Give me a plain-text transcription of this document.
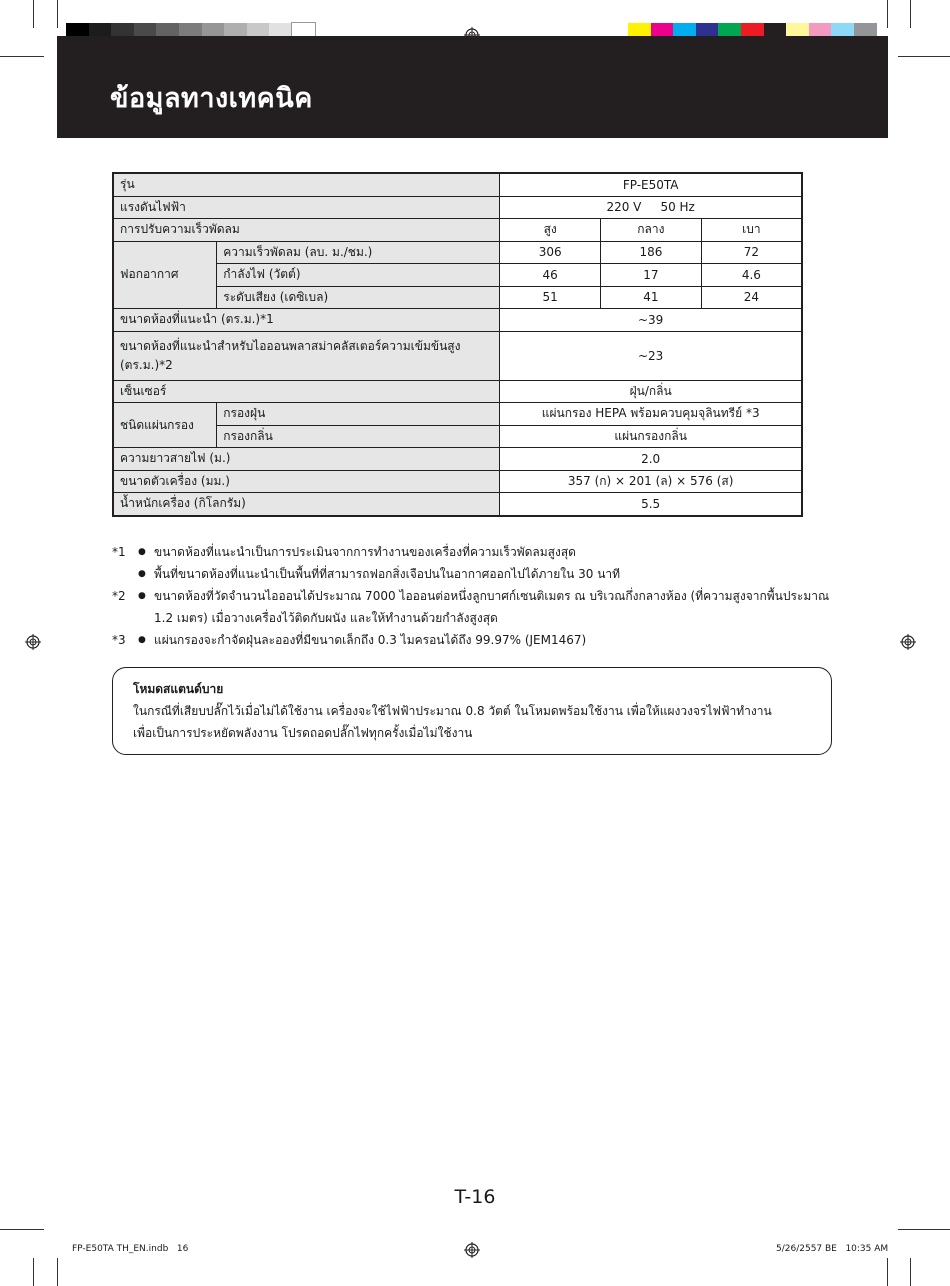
ข้อมูลทางเทคนิค
รุ่น		FP-E50TA		
แรงดันไฟฟ้า		220 V     50 Hz		
การปรับความเร็วพัดลม		สูง	กลาง	เบา
ฟอกอากาศ	ความเร็วพัดลม (ลบ. ม./ชม.)	306	186	72
	กำลังไฟ (วัตต์)	46	17	4.6
	ระดับเสียง (เดซิเบล)	51	41	24
ขนาดห้องที่แนะนำ (ตร.ม.)*1		~39		
ขนาดห้องที่แนะนำสำหรับไอออนพลาสม่าคลัสเตอร์ความเข้มข้นสูง (ตร.ม.)*2		~23		
เซ็นเซอร์		ฝุ่น/กลิ่น		
ชนิดแผ่นกรอง	กรองฝุ่น	แผ่นกรอง HEPA พร้อมควบคุมจุลินทรีย์ *3		
	กรองกลิ่น	แผ่นกรองกลิ่น		
ความยาวสายไฟ (ม.)		2.0		
ขนาดตัวเครื่อง (มม.)		357 (ก) × 201 (ล) × 576 (ส)		
น้ำหนักเครื่อง (กิโลกรัม)		5.5		
*1	● ขนาดห้องที่แนะนำเป็นการประเมินจากการทำงานของเครื่องที่ความเร็วพัดลมสูงสุด
● พื้นที่ขนาดห้องที่แนะนำเป็นพื้นที่ที่สามารถฟอกสิ่งเจือปนในอากาศออกไปได้ภายใน 30 นาที
*2	● ขนาดห้องที่วัดจำนวนไอออนได้ประมาณ 7000 ไอออนต่อหนึ่งลูกบาศก์เซนติเมตร ณ บริเวณกึ่งกลางห้อง (ที่ความสูงจากพื้นประมาณ
1.2 เมตร) เมื่อวางเครื่องไว้ติดกับผนัง และให้ทำงานด้วยกำลังสูงสุด
*3	● แผ่นกรองจะกำจัดฝุ่นละอองที่มีขนาดเล็กถึง 0.3 ไมครอนได้ถึง 99.97% (JEM1467)
โหมดสแตนด์บาย
ในกรณีที่เสียบปลั๊กไว้เมื่อไม่ได้ใช้งาน เครื่องจะใช้ไฟฟ้าประมาณ 0.8 วัตต์ ในโหมดพร้อมใช้งาน เพื่อให้แผงวงจรไฟฟ้าทำงาน
เพื่อเป็นการประหยัดพลังงาน โปรดถอดปลั๊กไฟทุกครั้งเมื่อไม่ใช้งาน
T-16
FP-E50TA TH_EN.indb   16	5/26/2557 BE   10:35 AM
